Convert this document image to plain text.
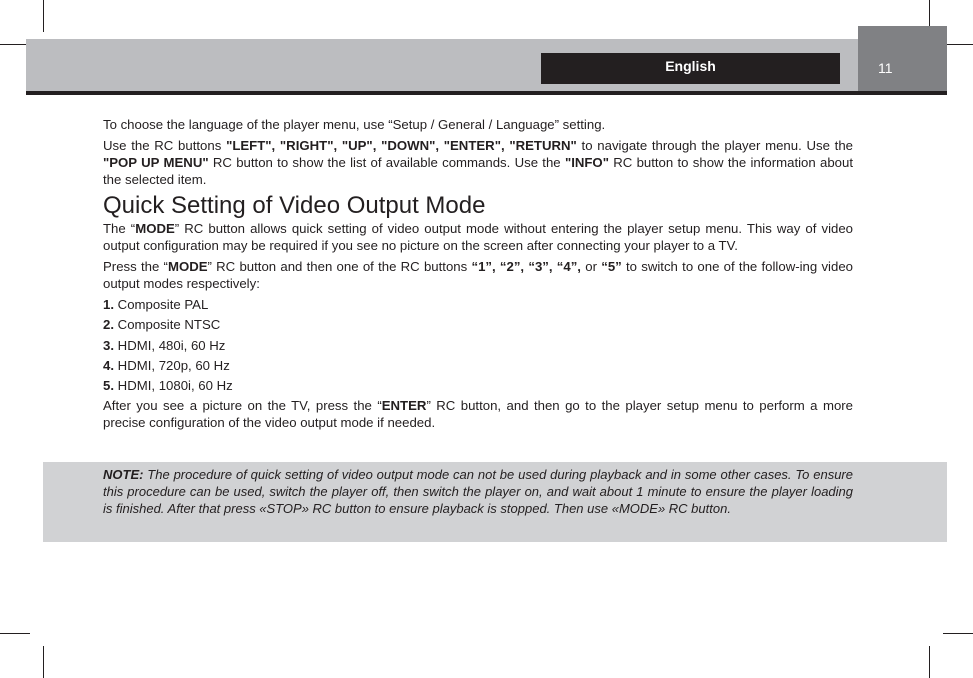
English	11

To choose the language of the player menu, use “Setup / General / Language” setting.

Use the RC buttons "LEFT", "RIGHT", "UP", "DOWN", "ENTER", "RETURN" to navigate through the player menu. Use the "POP UP MENU" RC button to show the list of available commands. Use the "INFO" RC button to show the information about the selected item.

Quick Setting of Video Output Mode

The “MODE” RC button allows quick setting of video output mode without entering the player setup menu. This way of video output configuration may be required if you see no picture on the screen after connecting your player to a TV.

Press the “MODE” RC button and then one of the RC buttons “1”, “2”, “3”, “4”, or “5” to switch to one of the follow-ing video output modes respectively:

1. Composite PAL
2. Composite NTSC
3. HDMI, 480i, 60 Hz
4. HDMI, 720p, 60 Hz
5. HDMI, 1080i, 60 Hz

After you see a picture on the TV, press the “ENTER” RC button, and then go to the player setup menu to perform a more precise configuration of the video output mode if needed.

NOTE: The procedure of quick setting of video output mode can not be used during playback and in some other cases. To ensure this procedure can be used, switch the player off, then switch the player on, and wait about 1 minute to ensure the player loading is finished. After that press «STOP» RC button to ensure playback is stopped. Then use «MODE» RC button.
